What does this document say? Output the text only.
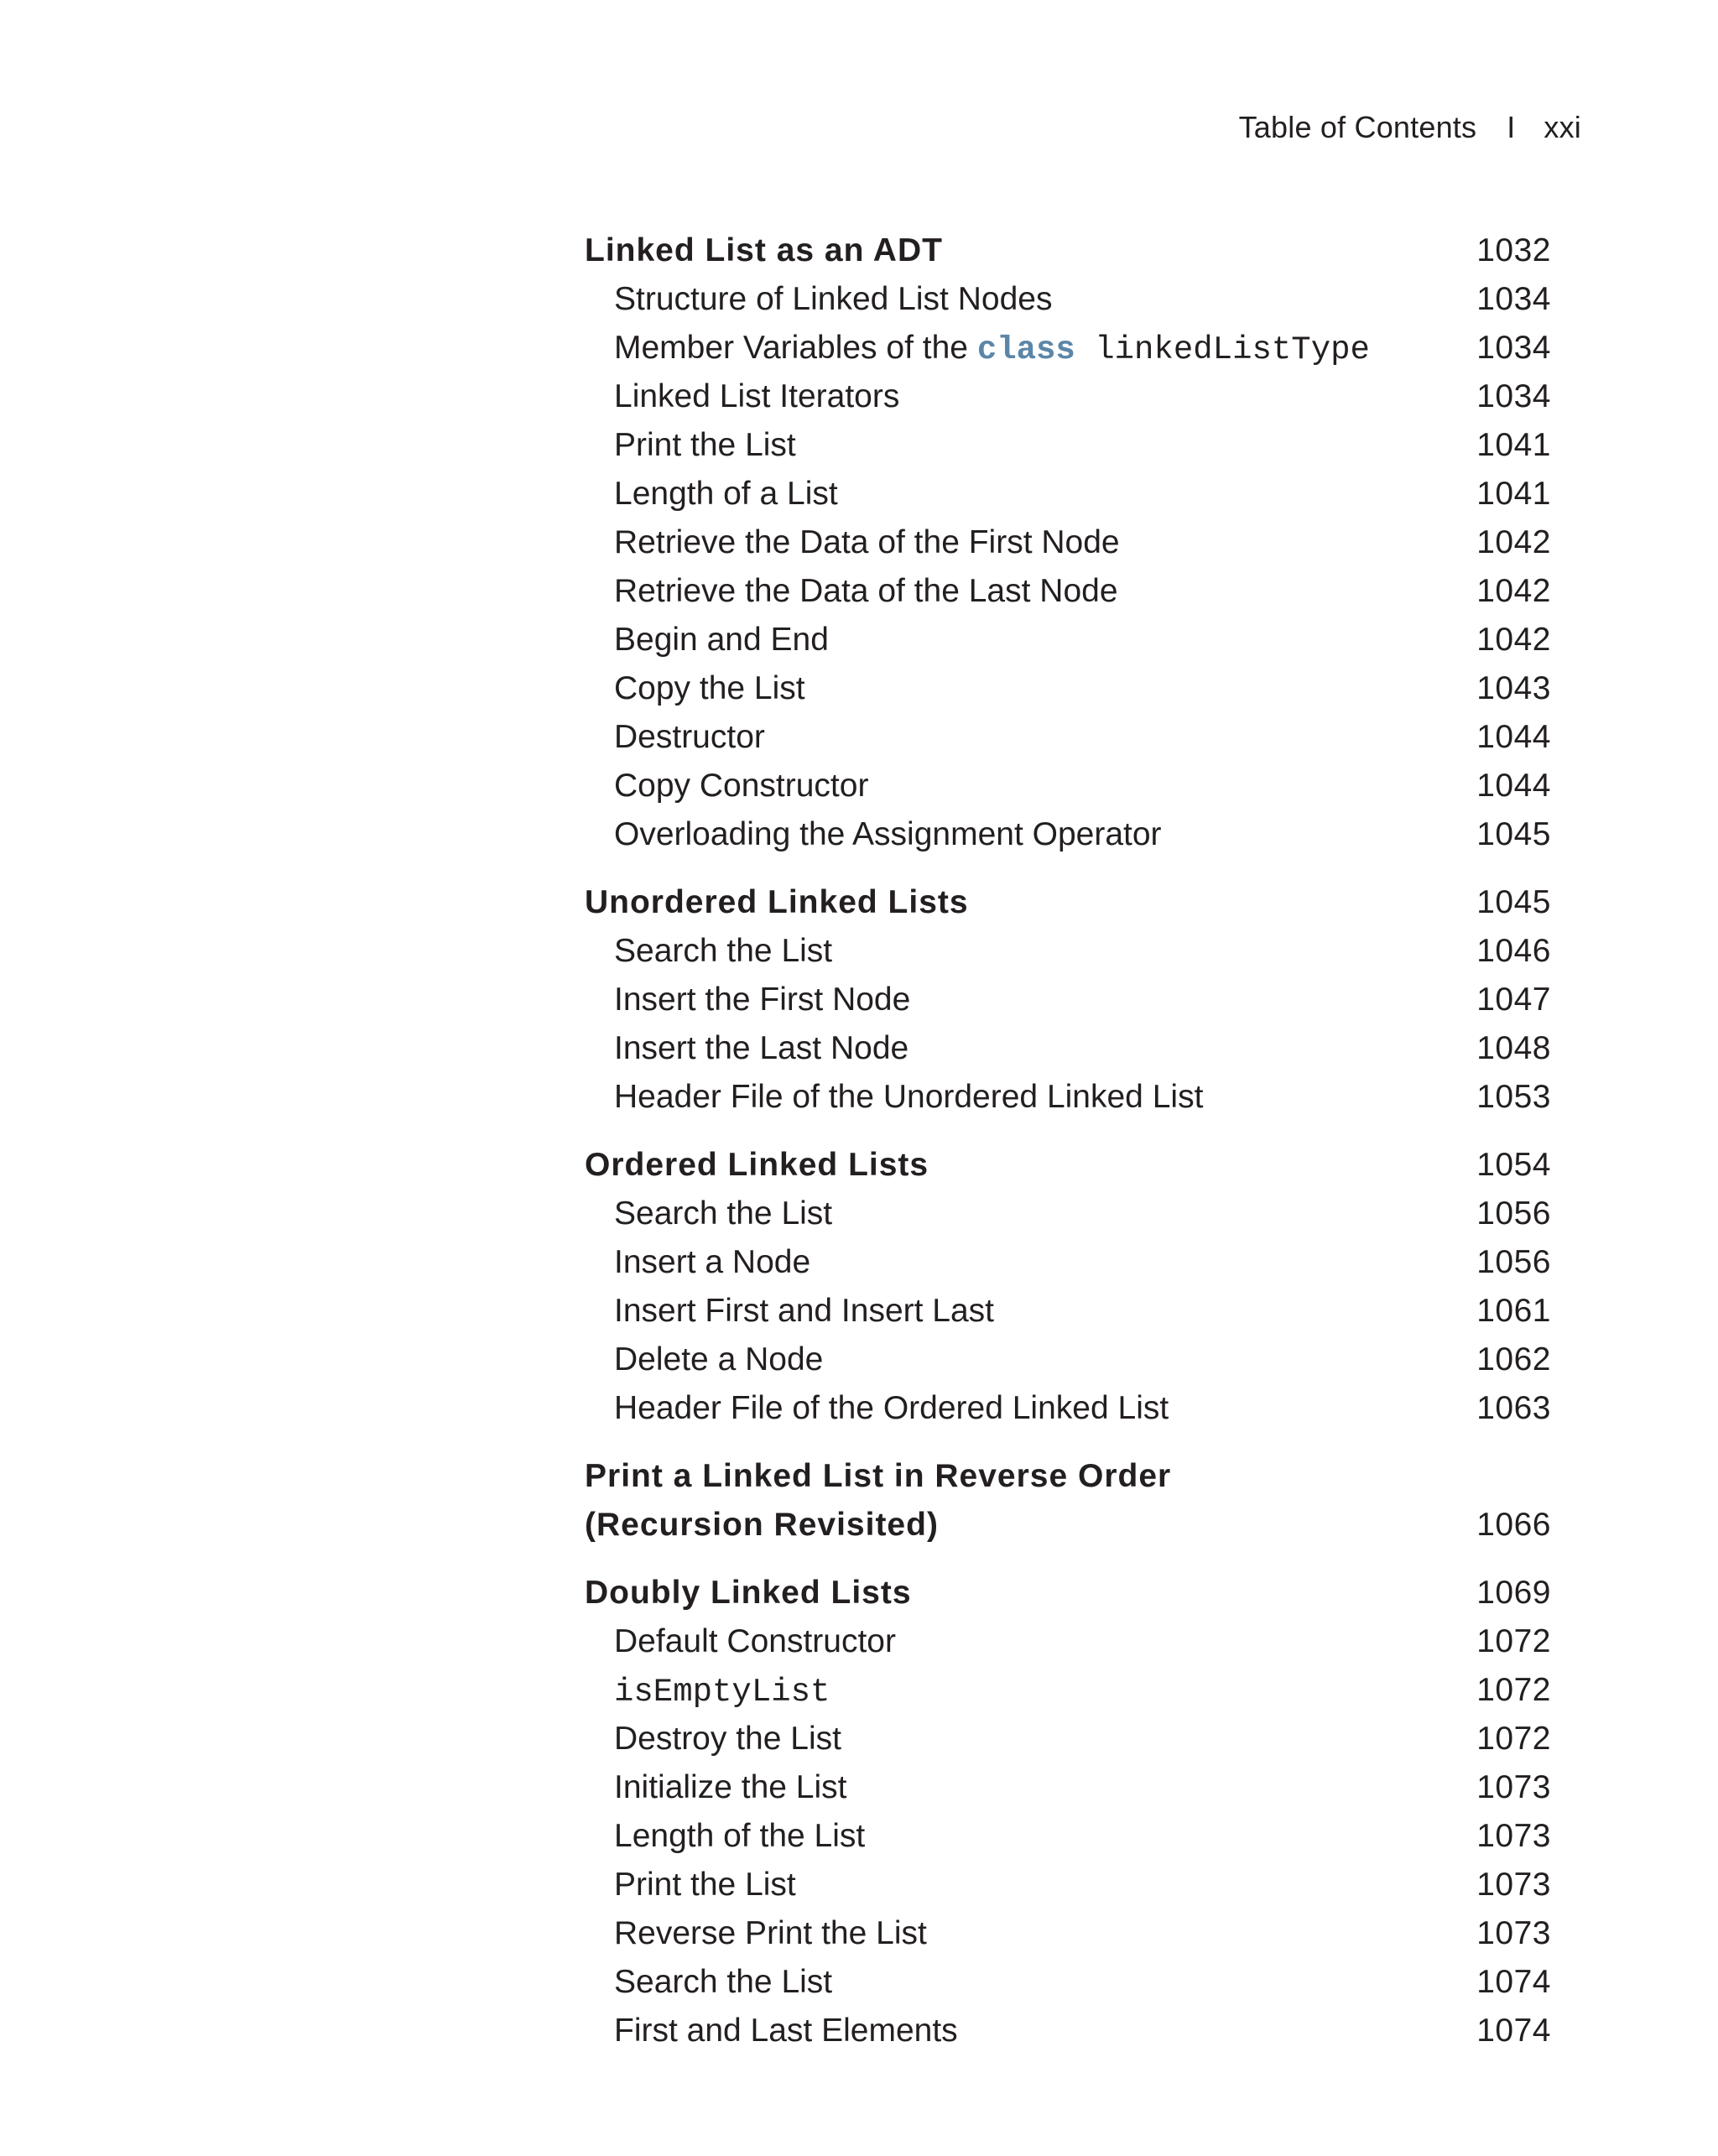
Table of Contents I xxi
Linked List as an ADT	1032
Structure of Linked List Nodes	1034
Member Variables of the class linkedListType	1034
Linked List Iterators	1034
Print the List	1041
Length of a List	1041
Retrieve the Data of the First Node	1042
Retrieve the Data of the Last Node	1042
Begin and End	1042
Copy the List	1043
Destructor	1044
Copy Constructor	1044
Overloading the Assignment Operator	1045
Unordered Linked Lists	1045
Search the List	1046
Insert the First Node	1047
Insert the Last Node	1048
Header File of the Unordered Linked List	1053
Ordered Linked Lists	1054
Search the List	1056
Insert a Node	1056
Insert First and Insert Last	1061
Delete a Node	1062
Header File of the Ordered Linked List	1063
Print a Linked List in Reverse Order
(Recursion Revisited)	1066
Doubly Linked Lists	1069
Default Constructor	1072
isEmptyList	1072
Destroy the List	1072
Initialize the List	1073
Length of the List	1073
Print the List	1073
Reverse Print the List	1073
Search the List	1074
First and Last Elements	1074
